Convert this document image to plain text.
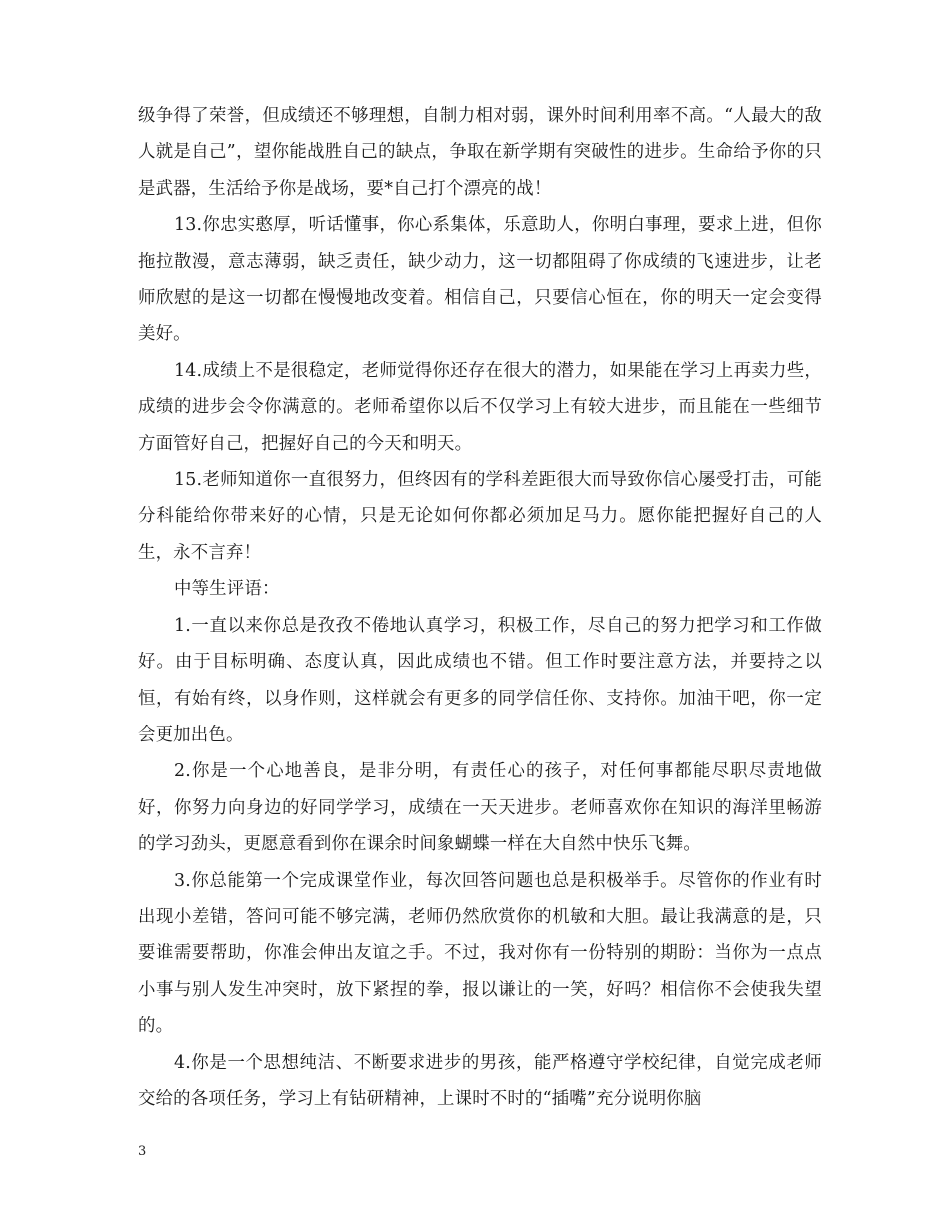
级争得了荣誉，但成绩还不够理想，自制力相对弱，课外时间利用率不高。“人最大的敌人就是自己”，望你能战胜自己的缺点，争取在新学期有突破性的进步。生命给予你的只是武器，生活给予你是战场，要*自己打个漂亮的战！

13.你忠实憨厚，听话懂事，你心系集体，乐意助人，你明白事理，要求上进，但你拖拉散漫，意志薄弱，缺乏责任，缺少动力，这一切都阻碍了你成绩的飞速进步，让老师欣慰的是这一切都在慢慢地改变着。相信自己，只要信心恒在，你的明天一定会变得美好。

14.成绩上不是很稳定，老师觉得你还存在很大的潜力，如果能在学习上再卖力些，成绩的进步会令你满意的。老师希望你以后不仅学习上有较大进步，而且能在一些细节方面管好自己，把握好自己的今天和明天。

15.老师知道你一直很努力，但终因有的学科差距很大而导致你信心屡受打击，可能分科能给你带来好的心情，只是无论如何你都必须加足马力。愿你能把握好自己的人生，永不言弃！

中等生评语：

1.一直以来你总是孜孜不倦地认真学习，积极工作，尽自己的努力把学习和工作做好。由于目标明确、态度认真，因此成绩也不错。但工作时要注意方法，并要持之以恒，有始有终，以身作则，这样就会有更多的同学信任你、支持你。加油干吧，你一定会更加出色。

2.你是一个心地善良，是非分明，有责任心的孩子，对任何事都能尽职尽责地做好，你努力向身边的好同学学习，成绩在一天天进步。老师喜欢你在知识的海洋里畅游的学习劲头，更愿意看到你在课余时间象蝴蝶一样在大自然中快乐飞舞。

3.你总能第一个完成课堂作业，每次回答问题也总是积极举手。尽管你的作业有时出现小差错，答问可能不够完满，老师仍然欣赏你的机敏和大胆。最让我满意的是，只要谁需要帮助，你准会伸出友谊之手。不过，我对你有一份特别的期盼：当你为一点点小事与别人发生冲突时，放下紧捏的拳，报以谦让的一笑，好吗？相信你不会使我失望的。

4.你是一个思想纯洁、不断要求进步的男孩，能严格遵守学校纪律，自觉完成老师交给的各项任务，学习上有钻研精神，上课时不时的“插嘴”充分说明你脑

3
